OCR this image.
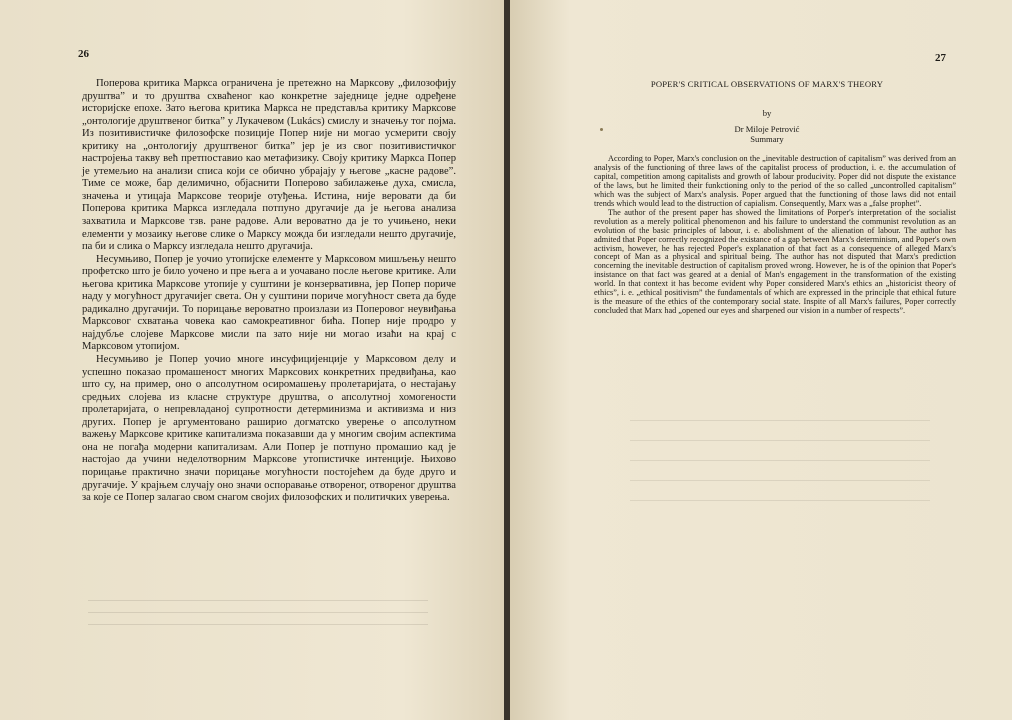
26

Поперова критика Маркса ограничена је претежно на Марксову „филозофију друштва” и то друштва схваћеног као конкретне заједнице једне одређене историјске епохе. Зато његова критика Маркса не представља критику Марксове „онтологије друштвеног битка” у Лукачевом (Lukács) смислу и значењу тог појма. Из позитивистичке филозофске позиције Попер није ни могао усмерити своју критику на „онтологију друштвеног битка” јер је из свог позитивистичког настројења такву већ претпоставио као метафизику. Своју критику Маркса Попер је утемељио на анализи списа који се обично убрајају у његове „касне радове”. Тиме се може, бар делимично, објаснити Поперово забилажење духа, смисла, значења и утицаја Марксове теорије отуђења. Истина, није веровати да би Поперова критика Маркса изгледала потпуно другачије да је његова анализа захватила и Марксове тзв. ране радове. Али вероватно да је то учињено, неки елементи у мозаику његове слике о Марксу можда би изгледали нешто другачије, па би и слика о Марксу изгледала нешто другачија.

Несумњиво, Попер је уочио утопијске елементе у Марксовом мишљењу нешто профетско што је било уочено и пре њега а и уочавано после његове критике. Али његова критика Марксове утопије у суштини је конзервативна, јер Попер пориче наду у могућност другачијег света. Он у суштини пориче могућност света да буде радикално другачији. То порицање вероватно произлази из Поперовог неувиђања Марксовог схватања човека као самокреативног бића. Попер није продро у најдубље слојеве Марксове мисли па зато није ни могао изаћи на крај с Марксовом утопијом.

Несумњиво је Попер уочио многе инсуфицијенције у Марксовом делу и успешно показао промашеност многих Марксових конкретних предвиђања, као што су, на пример, оно о апсолутном осиромашењу пролетаријата, о нестајању средњих слојева из класне структуре друштва, о апсолутној хомогености пролетаријата, о непревладаној супротности детерминизма и активизма и низ других. Попер је аргументовано раширио догматско уверење о апсолутном важењу Марксове критике капитализма показавши да у многим својим аспектима она не погађа модерни капитализам. Али Попер је потпуно промашио кад је настојао да учини неделотворним Марксове утопистичке интенције. Њихово порицање практично значи порицање могућности постојећем да буде друго и другачије. У крајњем случају оно значи оспоравање отвореног, отвореног друштва за које се Попер залагао свом снагом својих филозофских и политичких уверења.

27
POPER'S CRITICAL OBSERVATIONS OF MARX'S THEORY
by
Dr Miloje Petrović
Summary

According to Poper, Marx's conclusion on the „inevitable destruction of capitalism” was derived from an analysis of the functioning of three laws of the capitalist process of production, i. e. the accumulation of capital, competition among capitalists and growth of labour producivity. Poper did not dispute the existance of the laws, but he limited their funkctioning only to the period of the so called „uncontrolled capitalism” which was the subject of Marx's analysis. Poper argued that the functioning of those laws did not entail trends which would lead to the distruction of capialism. Consequently, Marx was a „false prophet”.

The author of the present paper has showed the limitations of Porper's interpretation of the socialist revolution as a merely political phenomenon and his failure to understand the communist revolution as an evolution of the basic principles of labour, i. e. abolishment of the alienation of labour. The author has admited that Poper correctly recognized the existance of a gap between Marx's determinism, and Poper's own activism, however, he has rejected Poper's explanation of that fact as a consequence of alleged Marx's concept of Man as a physical and spiritual being. The author has not disputed that Marx's prediction concerning the inevitable destruction of capitalism proved wrong. However, he is of the opinion that Poper's insistance on that fact was geared at a denial of Man's engagement in the transformation of the existing world. In that context it has become evident why Poper considered Marx's ethics an „historicist theory of ethics”, i. e. „ethical positivism” the fundamentals of which are expressed in the principle that ethical future is the measure of the ethics of the contemporary social state. Inspite of all Marx's failures, Poper correctly concluded that Marx had „opened our eyes and sharpened our vision in a number of respects”.
